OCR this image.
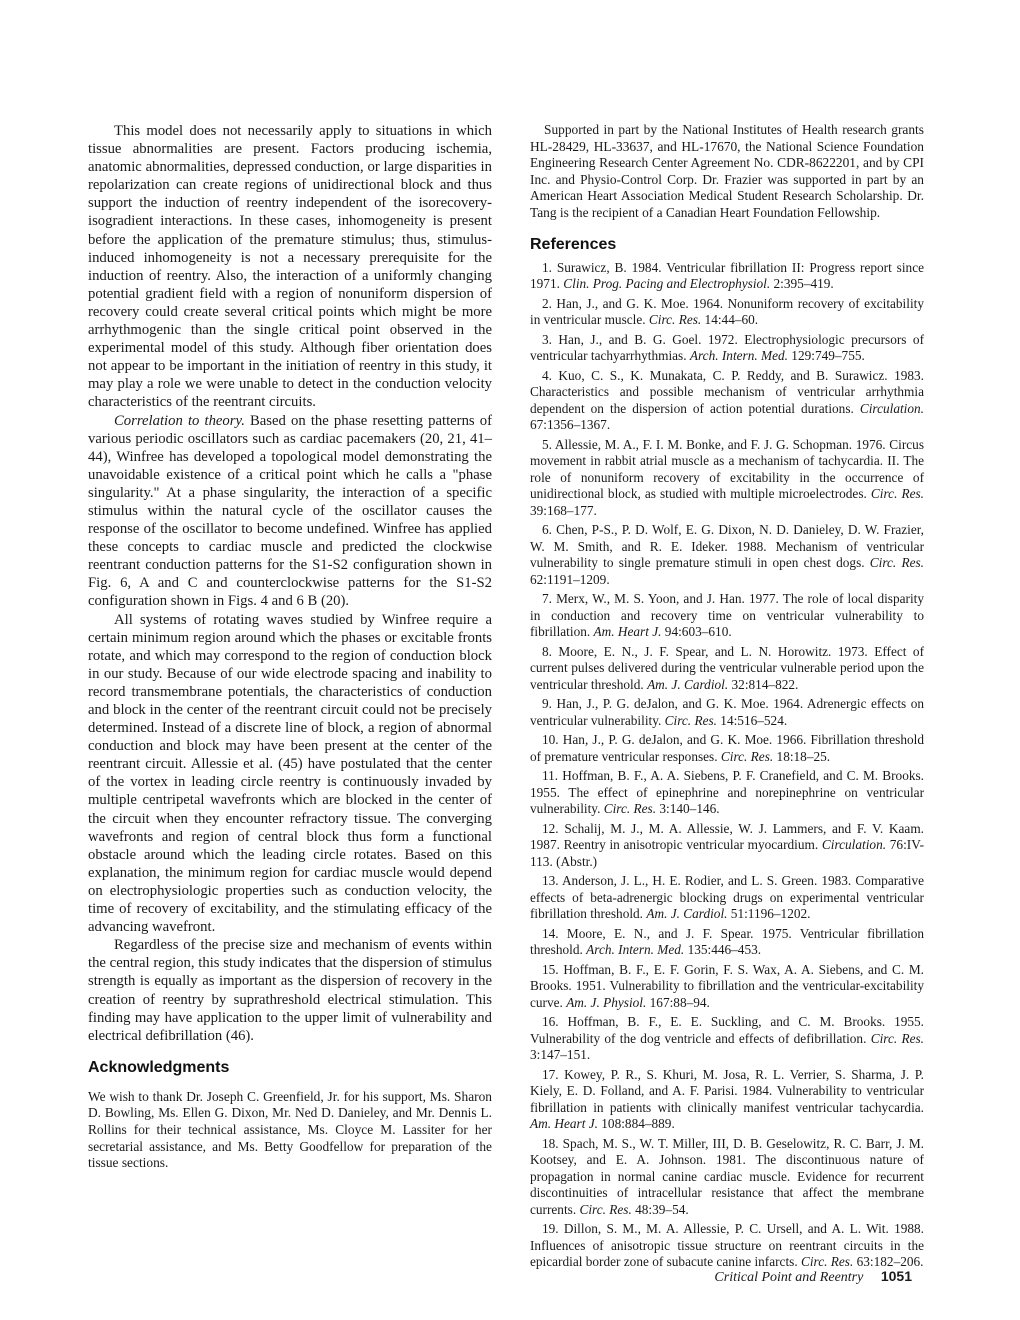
This model does not necessarily apply to situations in which tissue abnormalities are present. Factors producing ischemia, anatomic abnormalities, depressed conduction, or large disparities in repolarization can create regions of unidirectional block and thus support the induction of reentry independent of the isorecovery-isogradient interactions. In these cases, inhomogeneity is present before the application of the premature stimulus; thus, stimulus-induced inhomogeneity is not a necessary prerequisite for the induction of reentry. Also, the interaction of a uniformly changing potential gradient field with a region of nonuniform dispersion of recovery could create several critical points which might be more arrhythmogenic than the single critical point observed in the experimental model of this study. Although fiber orientation does not appear to be important in the initiation of reentry in this study, it may play a role we were unable to detect in the conduction velocity characteristics of the reentrant circuits.

Correlation to theory. Based on the phase resetting patterns of various periodic oscillators such as cardiac pacemakers (20, 21, 41–44), Winfree has developed a topological model demonstrating the unavoidable existence of a critical point which he calls a "phase singularity." At a phase singularity, the interaction of a specific stimulus within the natural cycle of the oscillator causes the response of the oscillator to become undefined. Winfree has applied these concepts to cardiac muscle and predicted the clockwise reentrant conduction patterns for the S1-S2 configuration shown in Fig. 6, A and C and counterclockwise patterns for the S1-S2 configuration shown in Figs. 4 and 6 B (20).

All systems of rotating waves studied by Winfree require a certain minimum region around which the phases or excitable fronts rotate, and which may correspond to the region of conduction block in our study. Because of our wide electrode spacing and inability to record transmembrane potentials, the characteristics of conduction and block in the center of the reentrant circuit could not be precisely determined. Instead of a discrete line of block, a region of abnormal conduction and block may have been present at the center of the reentrant circuit. Allessie et al. (45) have postulated that the center of the vortex in leading circle reentry is continuously invaded by multiple centripetal wavefronts which are blocked in the center of the circuit when they encounter refractory tissue. The converging wavefronts and region of central block thus form a functional obstacle around which the leading circle rotates. Based on this explanation, the minimum region for cardiac muscle would depend on electrophysiologic properties such as conduction velocity, the time of recovery of excitability, and the stimulating efficacy of the advancing wavefront.

Regardless of the precise size and mechanism of events within the central region, this study indicates that the dispersion of stimulus strength is equally as important as the dispersion of recovery in the creation of reentry by suprathreshold electrical stimulation. This finding may have application to the upper limit of vulnerability and electrical defibrillation (46).

Acknowledgments

We wish to thank Dr. Joseph C. Greenfield, Jr. for his support, Ms. Sharon D. Bowling, Ms. Ellen G. Dixon, Mr. Ned D. Danieley, and Mr. Dennis L. Rollins for their technical assistance, Ms. Cloyce M. Lassiter for her secretarial assistance, and Ms. Betty Goodfellow for preparation of the tissue sections.

Supported in part by the National Institutes of Health research grants HL-28429, HL-33637, and HL-17670, the National Science Foundation Engineering Research Center Agreement No. CDR-8622201, and by CPI Inc. and Physio-Control Corp. Dr. Frazier was supported in part by an American Heart Association Medical Student Research Scholarship. Dr. Tang is the recipient of a Canadian Heart Foundation Fellowship.

References
1. Surawicz, B. 1984. Ventricular fibrillation II: Progress report since 1971. Clin. Prog. Pacing and Electrophysiol. 2:395–419.
2. Han, J., and G. K. Moe. 1964. Nonuniform recovery of excitability in ventricular muscle. Circ. Res. 14:44–60.
3. Han, J., and B. G. Goel. 1972. Electrophysiologic precursors of ventricular tachyarrhythmias. Arch. Intern. Med. 129:749–755.
4. Kuo, C. S., K. Munakata, C. P. Reddy, and B. Surawicz. 1983. Characteristics and possible mechanism of ventricular arrhythmia dependent on the dispersion of action potential durations. Circulation. 67:1356–1367.
5. Allessie, M. A., F. I. M. Bonke, and F. J. G. Schopman. 1976. Circus movement in rabbit atrial muscle as a mechanism of tachycardia. II. The role of nonuniform recovery of excitability in the occurrence of unidirectional block, as studied with multiple microelectrodes. Circ. Res. 39:168–177.
6. Chen, P-S., P. D. Wolf, E. G. Dixon, N. D. Danieley, D. W. Frazier, W. M. Smith, and R. E. Ideker. 1988. Mechanism of ventricular vulnerability to single premature stimuli in open chest dogs. Circ. Res. 62:1191–1209.
7. Merx, W., M. S. Yoon, and J. Han. 1977. The role of local disparity in conduction and recovery time on ventricular vulnerability to fibrillation. Am. Heart J. 94:603–610.
8. Moore, E. N., J. F. Spear, and L. N. Horowitz. 1973. Effect of current pulses delivered during the ventricular vulnerable period upon the ventricular threshold. Am. J. Cardiol. 32:814–822.
9. Han, J., P. G. deJalon, and G. K. Moe. 1964. Adrenergic effects on ventricular vulnerability. Circ. Res. 14:516–524.
10. Han, J., P. G. deJalon, and G. K. Moe. 1966. Fibrillation threshold of premature ventricular responses. Circ. Res. 18:18–25.
11. Hoffman, B. F., A. A. Siebens, P. F. Cranefield, and C. M. Brooks. 1955. The effect of epinephrine and norepinephrine on ventricular vulnerability. Circ. Res. 3:140–146.
12. Schalij, M. J., M. A. Allessie, W. J. Lammers, and F. V. Kaam. 1987. Reentry in anisotropic ventricular myocardium. Circulation. 76:IV-113. (Abstr.)
13. Anderson, J. L., H. E. Rodier, and L. S. Green. 1983. Comparative effects of beta-adrenergic blocking drugs on experimental ventricular fibrillation threshold. Am. J. Cardiol. 51:1196–1202.
14. Moore, E. N., and J. F. Spear. 1975. Ventricular fibrillation threshold. Arch. Intern. Med. 135:446–453.
15. Hoffman, B. F., E. F. Gorin, F. S. Wax, A. A. Siebens, and C. M. Brooks. 1951. Vulnerability to fibrillation and the ventricular-excitability curve. Am. J. Physiol. 167:88–94.
16. Hoffman, B. F., E. E. Suckling, and C. M. Brooks. 1955. Vulnerability of the dog ventricle and effects of defibrillation. Circ. Res. 3:147–151.
17. Kowey, P. R., S. Khuri, M. Josa, R. L. Verrier, S. Sharma, J. P. Kiely, E. D. Folland, and A. F. Parisi. 1984. Vulnerability to ventricular fibrillation in patients with clinically manifest ventricular tachycardia. Am. Heart J. 108:884–889.
18. Spach, M. S., W. T. Miller, III, D. B. Geselowitz, R. C. Barr, J. M. Kootsey, and E. A. Johnson. 1981. The discontinuous nature of propagation in normal canine cardiac muscle. Evidence for recurrent discontinuities of intracellular resistance that affect the membrane currents. Circ. Res. 48:39–54.
19. Dillon, S. M., M. A. Allessie, P. C. Ursell, and A. L. Wit. 1988. Influences of anisotropic tissue structure on reentrant circuits in the epicardial border zone of subacute canine infarcts. Circ. Res. 63:182–206.
Critical Point and Reentry 1051
